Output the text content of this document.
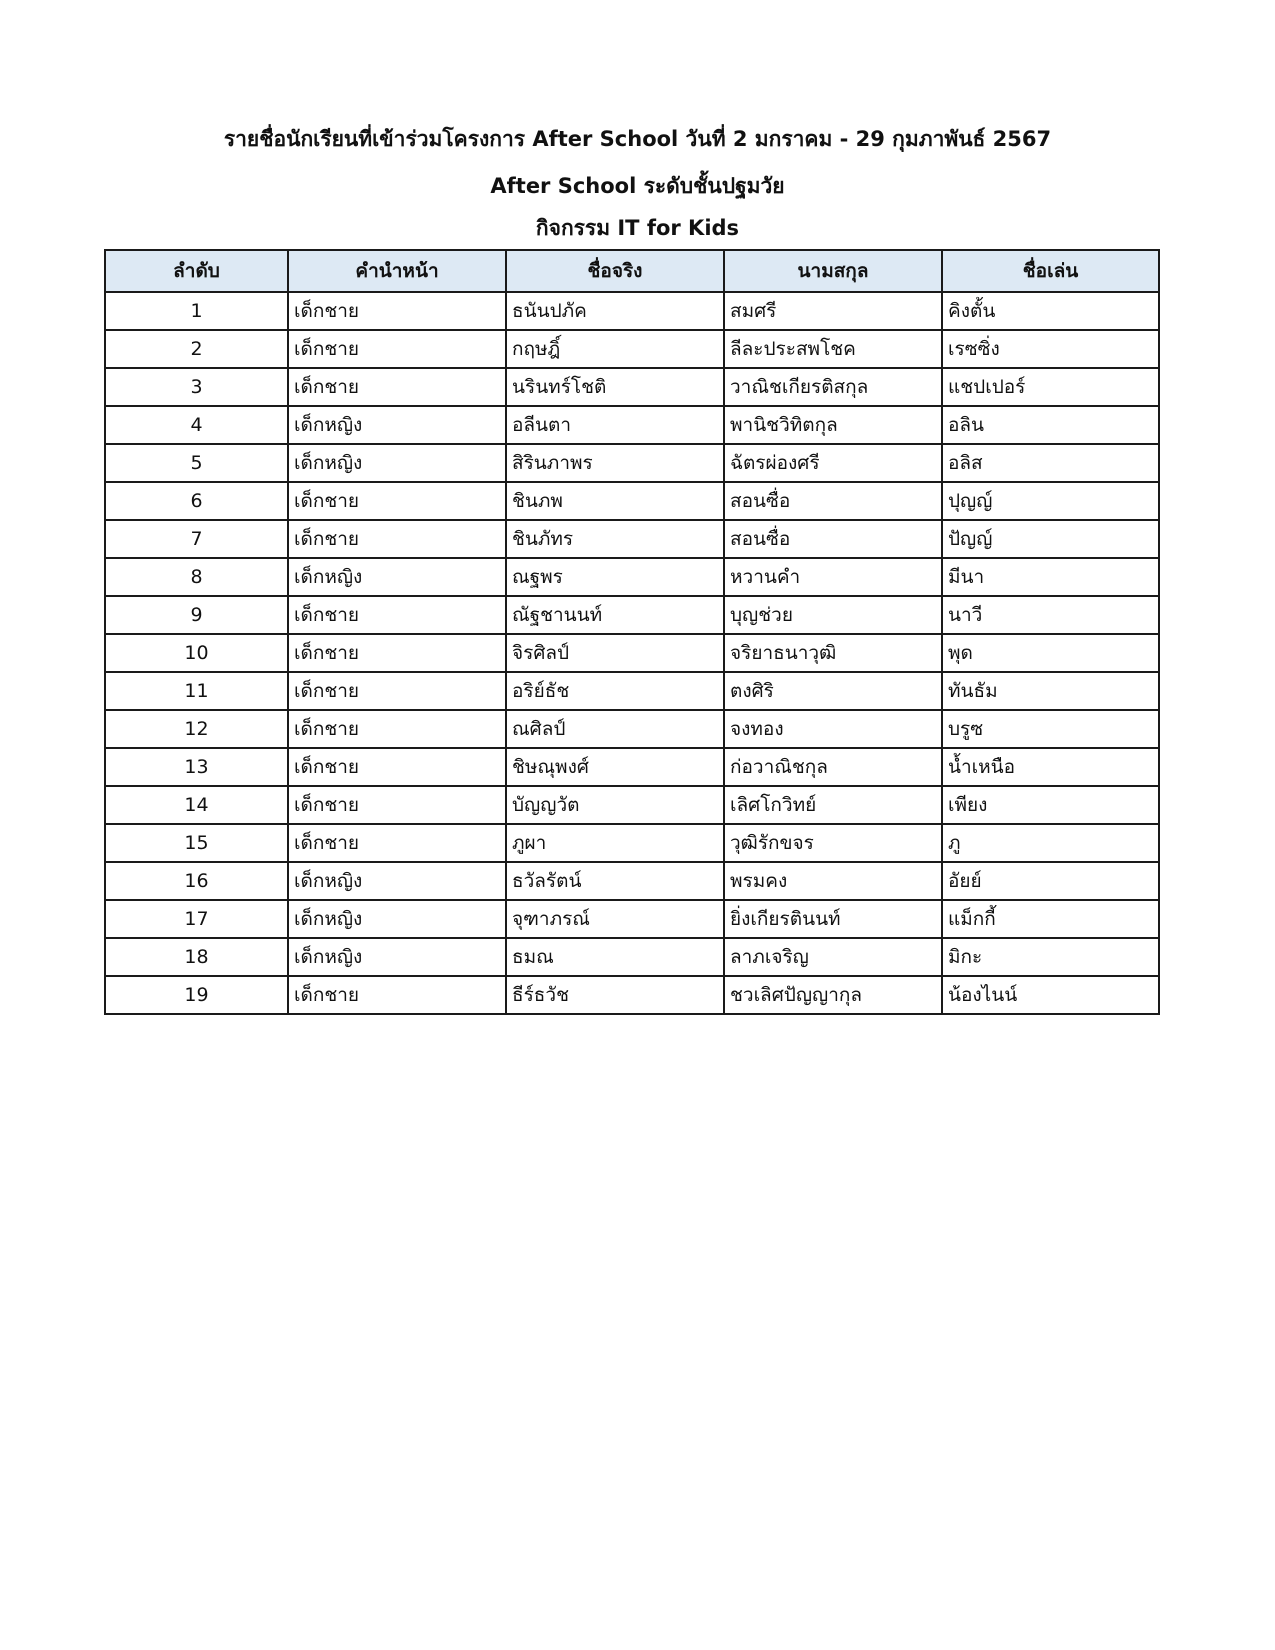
รายชื่อนักเรียนที่เข้าร่วมโครงการ After School วันที่ 2 มกราคม - 29 กุมภาพันธ์ 2567
After School ระดับชั้นปฐมวัย
กิจกรรม IT for Kids
ลำดับ	คำนำหน้า	ชื่อจริง	นามสกุล	ชื่อเล่น
1	เด็กชาย	ธนันปภัค	สมศรี	คิงตั้น
2	เด็กชาย	กฤษฎิ์	ลีละประสพโชค	เรซซิ่ง
3	เด็กชาย	นรินทร์โชติ	วาณิชเกียรติสกุล	แชปเปอร์
4	เด็กหญิง	อลีนตา	พานิชวิทิตกุล	อลิน
5	เด็กหญิง	สิรินภาพร	ฉัตรผ่องศรี	อลิส
6	เด็กชาย	ชินภพ	สอนซื่อ	ปุญญ์
7	เด็กชาย	ชินภัทร	สอนซื่อ	ปัญญ์
8	เด็กหญิง	ณฐพร	หวานคำ	มีนา
9	เด็กชาย	ณัฐชานนท์	บุญช่วย	นาวี
10	เด็กชาย	จิรศิลป์	จริยาธนาวุฒิ	พุด
11	เด็กชาย	อริย์ธัช	ตงศิริ	ทันธัม
12	เด็กชาย	ณศิลป์	จงทอง	บรูซ
13	เด็กชาย	ชิษณุพงศ์	ก่อวาณิชกุล	น้ำเหนือ
14	เด็กชาย	บัญญวัต	เลิศโกวิทย์	เพียง
15	เด็กชาย	ภูผา	วุฒิรักขจร	ภู
16	เด็กหญิง	ธวัลรัตน์	พรมคง	อัยย์
17	เด็กหญิง	จุฑาภรณ์	ยิ่งเกียรตินนท์	แม็กกี้
18	เด็กหญิง	ธมณ	ลาภเจริญ	มิกะ
19	เด็กชาย	ธีร์ธวัช	ชวเลิศปัญญากุล	น้องไนน์
